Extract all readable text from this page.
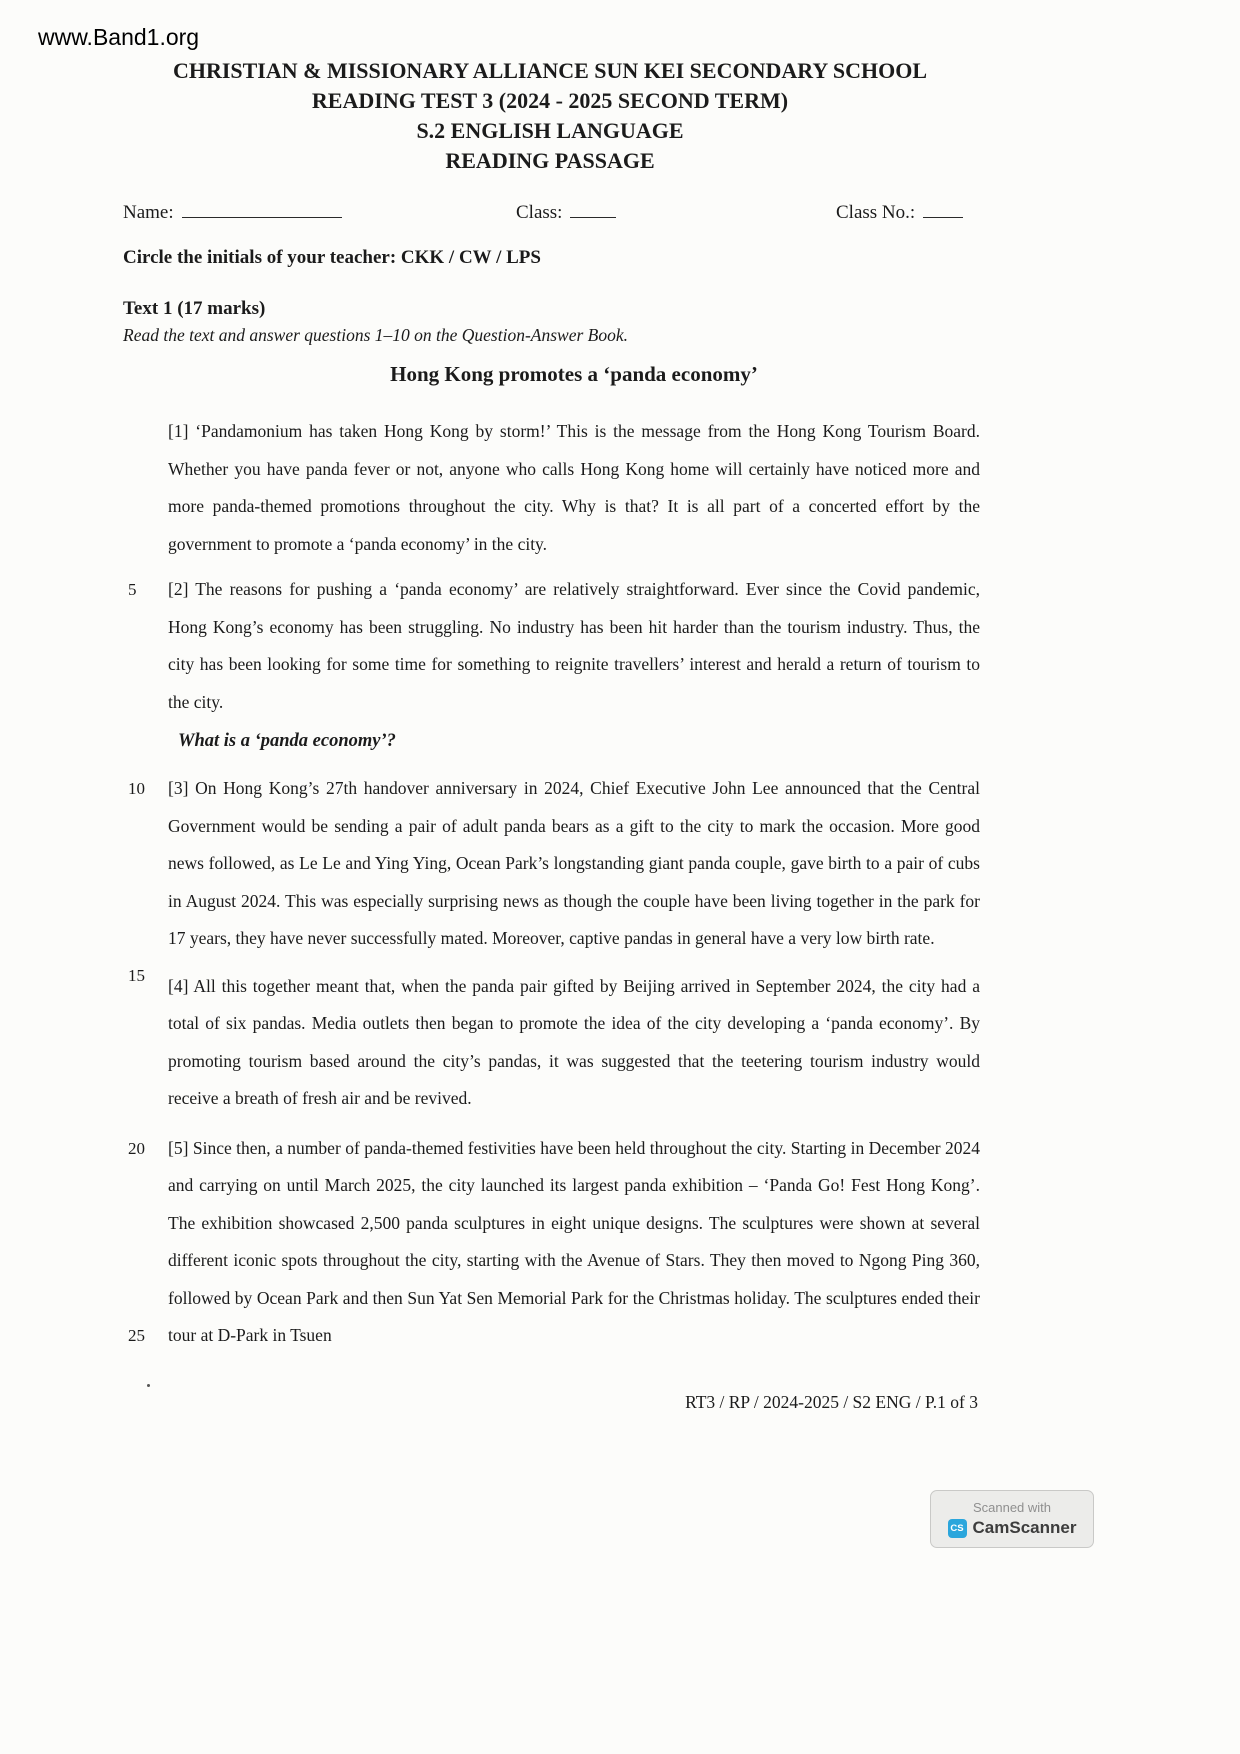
www.Band1.org
CHRISTIAN & MISSIONARY ALLIANCE SUN KEI SECONDARY SCHOOL
READING TEST 3 (2024 - 2025 SECOND TERM)
S.2 ENGLISH LANGUAGE
READING PASSAGE
Name:	Class:	Class No.:
Circle the initials of your teacher: CKK / CW / LPS
Text 1 (17 marks)
Read the text and answer questions 1–10 on the Question-Answer Book.
Hong Kong promotes a ‘panda economy’

[1] ‘Pandamonium has taken Hong Kong by storm!’ This is the message from the Hong Kong Tourism Board. Whether you have panda fever or not, anyone who calls Hong Kong home will certainly have noticed more and more panda-themed promotions throughout the city. Why is that? It is all part of a concerted effort by the government to promote a ‘panda economy’ in the city.

5	[2] The reasons for pushing a ‘panda economy’ are relatively straightforward. Ever since the Covid pandemic, Hong Kong’s economy has been struggling. No industry has been hit harder than the tourism industry. Thus, the city has been looking for some time for something to reignite travellers’ interest and herald a return of tourism to the city.

What is a ‘panda economy’?
10
15

[3] On Hong Kong’s 27th handover anniversary in 2024, Chief Executive John Lee announced that the Central Government would be sending a pair of adult panda bears as a gift to the city to mark the occasion. More good news followed, as Le Le and Ying Ying, Ocean Park’s longstanding giant panda couple, gave birth to a pair of cubs in August 2024. This was especially surprising news as though the couple have been living together in the park for 17 years, they have never successfully mated. Moreover, captive pandas in general have a very low birth rate.

[4] All this together meant that, when the panda pair gifted by Beijing arrived in September 2024, the city had a total of six pandas. Media outlets then began to promote the idea of the city developing a ‘panda economy’. By promoting tourism based around the city’s pandas, it was suggested that the teetering tourism industry would receive a breath of fresh air and be revived.

20
25

[5] Since then, a number of panda-themed festivities have been held throughout the city. Starting in December 2024 and carrying on until March 2025, the city launched its largest panda exhibition – ‘Panda Go! Fest Hong Kong’. The exhibition showcased 2,500 panda sculptures in eight unique designs. The sculptures were shown at several different iconic spots throughout the city, starting with the Avenue of Stars. They then moved to Ngong Ping 360, followed by Ocean Park and then Sun Yat Sen Memorial Park for the Christmas holiday. The sculptures ended their tour at D-Park in Tsuen

RT3 / RP / 2024-2025 / S2 ENG / P.1 of 3
Scanned with
CS CamScanner
